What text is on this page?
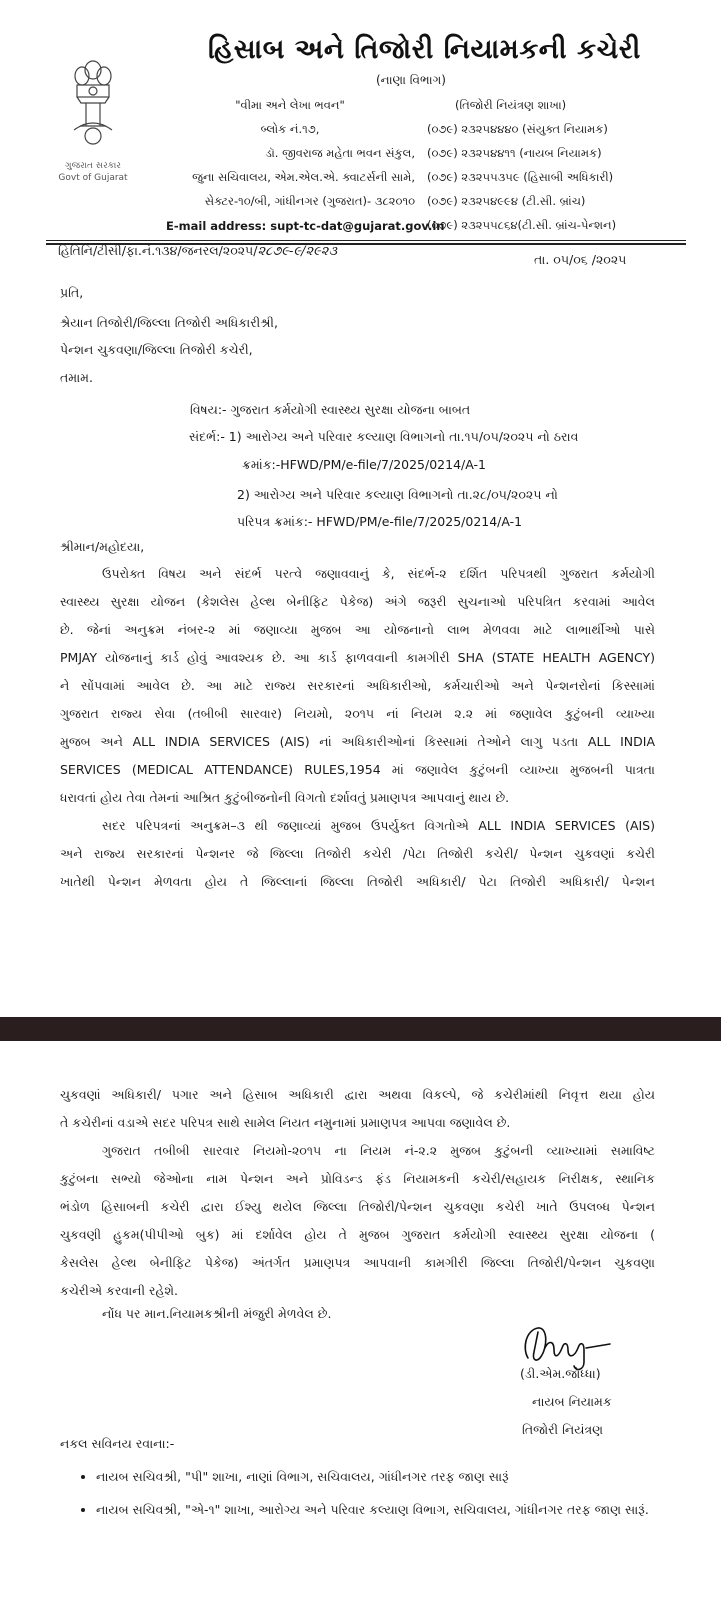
હિસાબ અને તિજોરી નિયામકની કચેરી
(નાણા વિભાગ)
ગુજરાત સરકાર
Govt of Gujarat
"વીમા અને લેખા ભવન"
બ્લોક નં.૧૭,
ડૉ. જીવરાજ મહેતા ભવન સંકુલ,
જુના સચિવાલય, એમ.એલ.એ. ક્વાટર્સની સામે,
સેક્ટર-૧૦/બી, ગાંધીનગર (ગુજરાત)- ૩૮૨૦૧૦
E-mail address: supt-tc-dat@gujarat.gov.in
(તિજોરી નિયંત્રણ શાખા)
(૦૭૯) ૨૩૨૫૪૪૪૦ (સંયુક્ત નિયામક)
(૦૭૯) ૨૩૨૫૪૪૧૧ (નાયબ નિયામક)
(૦૭૯) ૨૩૨૫૫૩૫૯ (હિસાબી અધિકારી)
(૦૭૯) ૨૩૨૫૪૯૯૪ (ટી.સી. બ્રાંચ)
(૦૭૯) ૨૩૨૫૫૮૬૪(ટી.સી. બ્રાંચ-પેન્શન)
હિતિનિ/ટીસી/ફા.નં.૧૩૪/જનરલ/૨૦૨૫/૨૮૭૯-૯/૨૯૨૩
તા. ૦૫/૦૬ /૨૦૨૫
પ્રતિ,
શ્રેયાન તિજોરી/જિલ્લા તિજોરી અધિકારીશ્રી,
પેન્શન ચુકવણા/જિલ્લા તિજોરી કચેરી,
તમામ.
વિષય:- ગુજરાત કર્મયોગી સ્વાસ્થ્ય સુરક્ષા યોજના બાબત
સંદર્ભ:- 1) આરોગ્ય અને પરિવાર કલ્યાણ વિભાગનો તા.૧૫/૦૫/૨૦૨૫ નો ઠરાવ
ક્રમાંક:-HFWD/PM/e-file/7/2025/0214/A-1
2) આરોગ્ય અને પરિવાર કલ્યાણ વિભાગનો તા.૨૮/૦૫/૨૦૨૫ નો
પરિપત્ર ક્રમાંક:- HFWD/PM/e-file/7/2025/0214/A-1
શ્રીમાન/મહોદયા,
ઉપરોક્ત વિષય અને સંદર્ભ પરત્વે જણાવવાનું કે, સંદર્ભ-૨ દર્શિત પરિપત્રથી ગુજરાત કર્મયોગી
સ્વાસ્થ્ય સુરક્ષા યોજન (કેશલેસ હેલ્થ બેનીફિટ પેકેજ) અંગે જરૂરી સુચનાઓ પરિપત્રિત કરવામાં આવેલ
છે. જેનાં અનુક્રમ નંબર-૨ માં જણાવ્યા મુજબ આ યોજનાનો લાભ મેળવવા માટે લાભાર્થીઓ પાસે
PMJAY યોજનાનું કાર્ડ હોવું આવશ્યક છે. આ કાર્ડ ફાળવવાની કામગીરી SHA (STATE HEALTH AGENCY)
ને સોંપવામાં આવેલ છે. આ માટે રાજ્ય સરકારનાં અધિકારીઓ, કર્મચારીઓ અને પેન્શનરોનાં કિસ્સામાં
ગુજરાત રાજ્ય સેવા (તબીબી સારવાર) નિયમો, ૨૦૧૫ નાં નિયમ ૨.૨ માં જણાવેલ કુટુંબની વ્યાખ્યા
મુજબ અને ALL INDIA SERVICES (AIS) નાં અધિકારીઓનાં કિસ્સામાં તેઓને લાગુ પડતા ALL INDIA
SERVICES (MEDICAL ATTENDANCE) RULES,1954 માં જણાવેલ કુટુંબની વ્યાખ્યા મુજબની પાત્રતા
ધરાવતાં હોય તેવા તેમનાં આશ્રિત કુટુંબીજનોની વિગતો દર્શાવતું પ્રમાણપત્ર આપવાનું થાય છે.
સદર પરિપત્રનાં અનુક્રમ–૩ થી જણાવ્યાં મુજબ ઉપર્યુક્ત વિગતોએ ALL INDIA SERVICES (AIS)
અને રાજ્ય સરકારનાં પેન્શનર જે જિલ્લા તિજોરી કચેરી /પેટા તિજોરી કચેરી/ પેન્શન ચુકવણાં કચેરી
ખાતેથી પેન્શન મેળવતા હોય તે જિલ્લાનાં જિલ્લા તિજોરી અધિકારી/ પેટા તિજોરી અધિકારી/ પેન્શન
ચુકવણાં અધિકારી/ પગાર અને હિસાબ અધિકારી દ્વારા અથવા વિકલ્પે, જે કચેરીમાંથી નિવૃત્ત થયા હોય
તે કચેરીનાં વડાએ સદર પરિપત્ર સાથે સામેલ નિયત નમુનામાં પ્રમાણપત્ર આપવા જણાવેલ છે.
ગુજરાત તબીબી સારવાર નિયમો-૨૦૧૫ ના નિયમ નં-૨.૨ મુજબ કુટુંબની વ્યાખ્યામાં સમાવિષ્ટ
કુટુંબના સભ્યો જેઓના નામ પેન્શન અને પ્રોવિડન્ડ ફંડ નિયામકની કચેરી/સહાયક નિરીક્ષક, સ્થાનિક
ભંડોળ હિસાબની કચેરી દ્વારા ઈશ્યુ થયેલ જિલ્લા તિજોરી/પેન્શન ચુકવણા કચેરી ખાતે ઉપલબ્ધ પેન્શન
ચુકવણી હુકમ(પીપીઓ બુક) માં દર્શાવેલ હોય તે મુજબ ગુજરાત કર્મયોગી સ્વાસ્થ્ય સુરક્ષા યોજના (
કેસલેસ હેલ્થ બેનીફિટ પેકેજ) અંતર્ગત પ્રમાણપત્ર આપવાની કામગીરી જિલ્લા તિજોરી/પેન્શન ચુકવણા
કચેરીએ કરવાની રહેશે.
નોંધ પર માન.નિયામકશ્રીની મંજુરી મેળવેલ છે.
(ડી.એમ.જોધ્ધા)
નાયબ નિયામક
તિજોરી નિયંત્રણ
નકલ સવિનય રવાના:-
• નાયબ સચિવશ્રી, "પી" શાખા, નાણાં વિભાગ, સચિવાલય, ગાંધીનગર તરફ જાણ સારૂં
• નાયબ સચિવશ્રી, "એ-૧" શાખા, આરોગ્ય અને પરિવાર કલ્યાણ વિભાગ, સચિવાલય, ગાંધીનગર તરફ જાણ સારૂં.
